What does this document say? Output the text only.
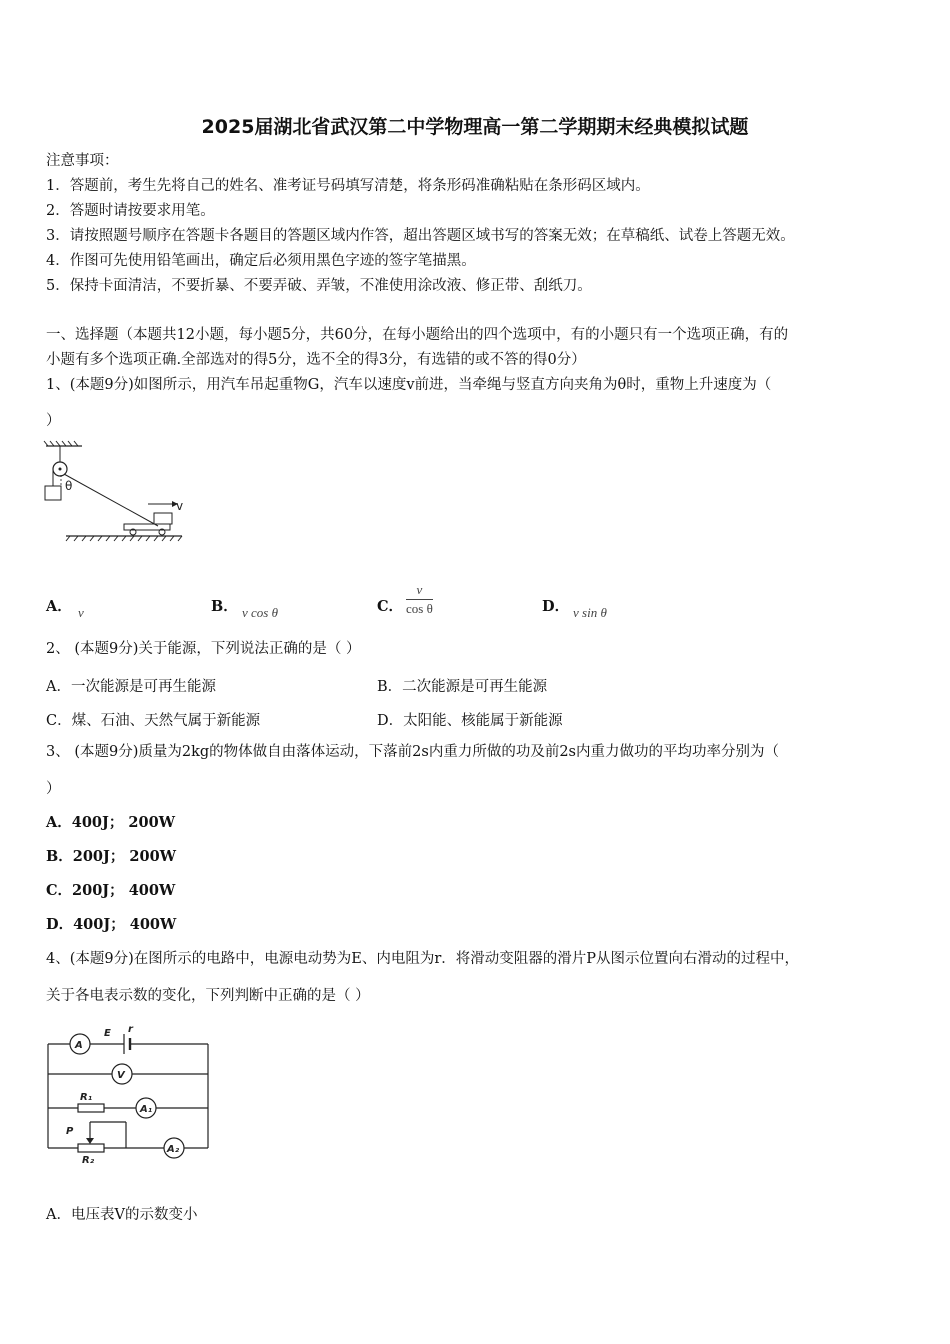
2025届湖北省武汉第二中学物理高一第二学期期末经典模拟试题
注意事项：
1．答题前，考生先将自己的姓名、准考证号码填写清楚，将条形码准确粘贴在条形码区域内。
2．答题时请按要求用笔。
3．请按照题号顺序在答题卡各题目的答题区域内作答，超出答题区域书写的答案无效；在草稿纸、试卷上答题无效。
4．作图可先使用铅笔画出，确定后必须用黑色字迹的签字笔描黑。
5．保持卡面清洁，不要折暴、不要弄破、弄皱，不准使用涂改液、修正带、刮纸刀。
一、选择题（本题共12小题，每小题5分，共60分，在每小题给出的四个选项中，有的小题只有一个选项正确，有的
小题有多个选项正确.全部选对的得5分，选不全的得3分，有选错的或不答的得0分）
1、(本题9分)如图所示，用汽车吊起重物G，汽车以速度v前进，当牵绳与竖直方向夹角为θ时，重物上升速度为（
）
θ
v
A． v	B． v cos θ	C． $\frac{v}{\text{cos θ}}$	D． v sin θ
2、 (本题9分)关于能源，下列说法正确的是（ ）
A．一次能源是可再生能源	B．二次能源是可再生能源
C．煤、石油、天然气属于新能源	D．太阳能、核能属于新能源
3、 (本题9分)质量为2kg的物体做自由落体运动，下落前2s内重力所做的功及前2s内重力做功的平均功率分别为（
）
A．400J； 200W
B．200J； 200W
C．200J； 400W
D．400J； 400W
4、(本题9分)在图所示的电路中，电源电动势为E、内电阻为r．将滑动变阻器的滑片P从图示位置向右滑动的过程中，
关于各电表示数的变化，下列判断中正确的是（ ）
A
E r
V
R₁
A₁
P
R₂
A₂
A．电压表V的示数变小
